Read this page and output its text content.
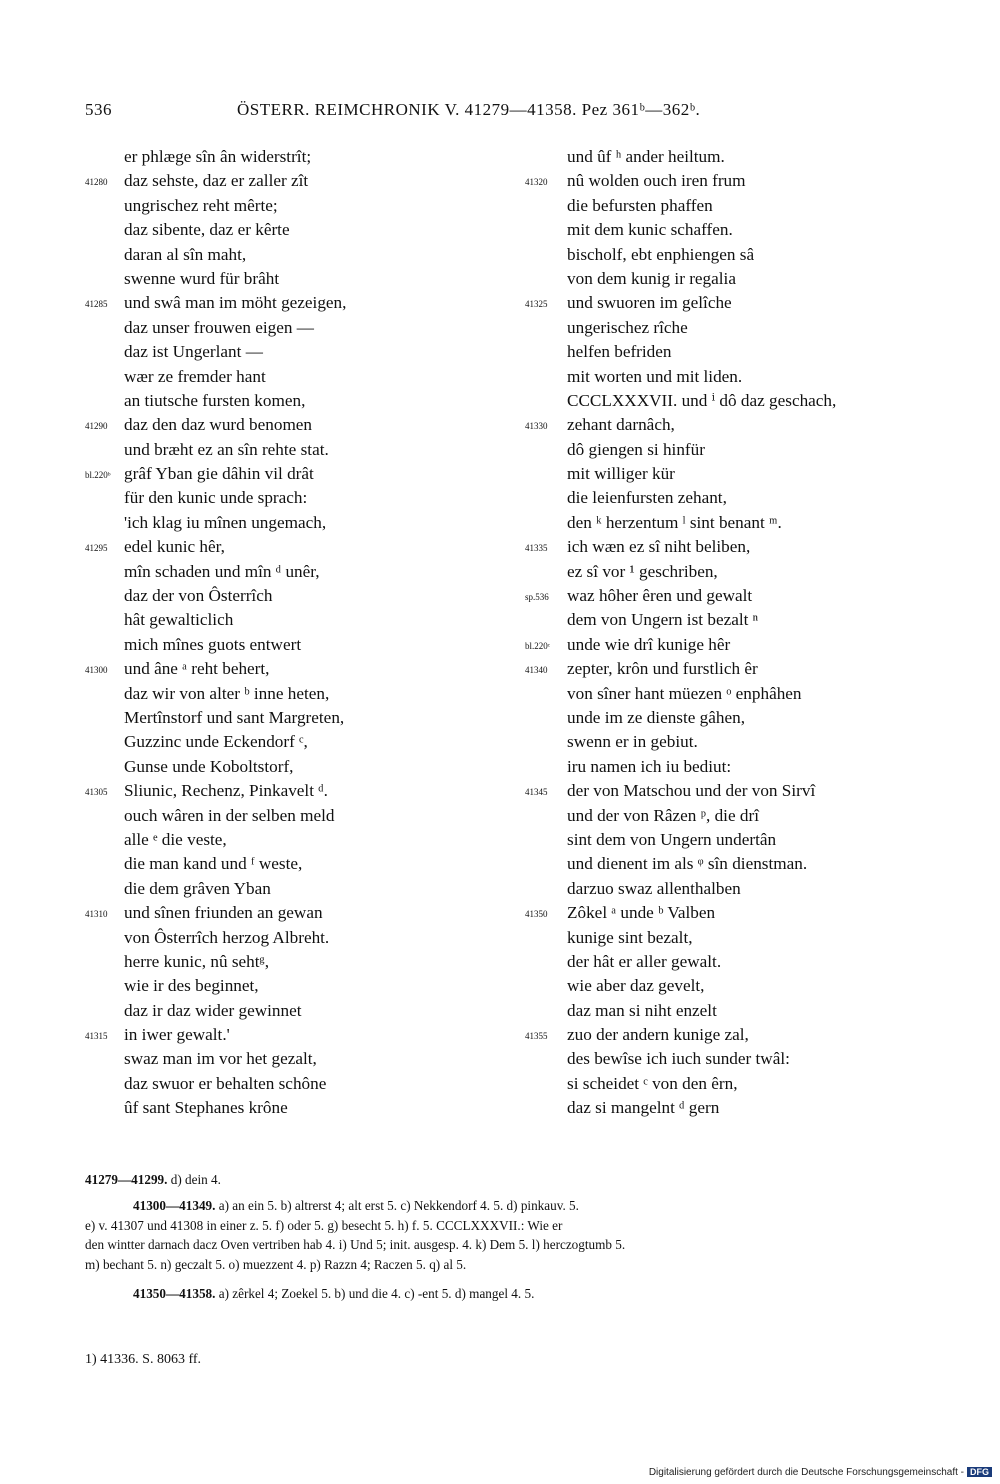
536	ÖSTERR. REIMCHRONIK V. 41279—41358. Pez 361ᵇ—362ᵇ.
er phlæge sîn ân widerstrît;
41280 daz sehste, daz er zaller zît
ungrischez reht mêrte;
daz sibente, daz er kêrte
daran al sîn maht,
swenne wurd für brâht
41285 und swâ man im möht gezeigen,
daz unser frouwen eigen —
daz ist Ungerlant —
wær ze fremder hant
an tiutsche fursten komen,
41290 daz den daz wurd benomen
und bræht ez an sîn rehte stat.
bl.220ᵇ grâf Yban gie dâhin vil drât
für den kunic unde sprach:
'ich klag iu mînen ungemach,
41295 edel kunic hêr,
mîn schaden und mîn ᵈ unêr,
daz der von Ôsterrîch
hât gewalticlich
mich mînes guots entwert
41300 und âne ᵃ reht behert,
daz wir von alter ᵇ inne heten,
Mertînstorf und sant Margreten,
Guzzinc unde Eckendorf ᶜ,
Gunse unde Koboltstorf,
41305 Sliunic, Rechenz, Pinkavelt ᵈ.
ouch wâren in der selben meld
alle ᵉ die veste,
die man kand und ᶠ weste,
die dem grâven Yban
41310 und sînen friunden an gewan
von Ôsterrîch herzog Albreht.
herre kunic, nû sehtᵍ,
wie ir des beginnet,
daz ir daz wider gewinnet
41315 in iwer gewalt.'
swaz man im vor het gezalt,
daz swuor er behalten schône
ûf sant Stephanes krône
und ûf ʰ ander heiltum.
41320	nû wolden ouch iren frum
die befursten phaffen
mit dem kunic schaffen.
bischolf, ebt enphiengen sâ
von dem kunig ir regalia
41325	und swuoren im gelîche
ungerischez rîche
helfen befriden
mit worten und mit liden.
CCCLXXXVII. und ⁱ dô daz geschach,
41330	zehant darnâch,
dô giengen si hinfür
mit williger kür
die leienfursten zehant,
den ᵏ herzentum ˡ sint benant ᵐ.
41335	ich wæn ez sî niht beliben,
ez sî vor ¹ geschriben,
sp.536	waz hôher êren und gewalt
dem von Ungern ist bezalt ⁿ
bl.220ᶜ unde wie drî kunige hêr
41340	zepter, krôn und furstlich êr
von sîner hant müezen ᵒ enphâhen
unde im ze dienste gâhen,
swenn er in gebiut.
iru namen ich iu bediut:
41345	der von Matschou und der von Sirvî
und der von Râzen ᵖ, die drî
sint dem von Ungern undertân
und dienent im als ᵠ sîn dienstman.
darzuo swaz allenthalben
41350	Zôkel ᵃ unde ᵇ Valben
kunige sint bezalt,
der hât er aller gewalt.
wie aber daz gevelt,
daz man si niht enzelt
41355	zuo der andern kunige zal,
des bewîse ich iuch sunder twâl:
si scheidet ᶜ von den êrn,
daz si mangelnt ᵈ gern
41279—41299. d) dein 4.
41300—41349. a) an ein 5. b) altrerst 4; alt erst 5. c) Nekkendorf 4. 5. d) pinkauv. 5.
e) v. 41307 und 41308 in einer z. 5. f) oder 5. g) besecht 5. h) f. 5. CCCLXXXVII.: Wie er
den wintter darnach dacz Oven vertriben hab 4. i) Und 5; init. ausgesp. 4. k) Dem 5. l) herczogtumb 5.
m) bechant 5. n) geczalt 5. o) muezzent 4. p) Razzn 4; Raczen 5. q) al 5.
41350—41358. a) zêrkel 4; Zoekel 5. b) und die 4. c) -ent 5. d) mangel 4. 5.
1) 41336. S. 8063 ff.
Digitalisierung gefördert durch die Deutsche Forschungsgemeinschaft - DFG
